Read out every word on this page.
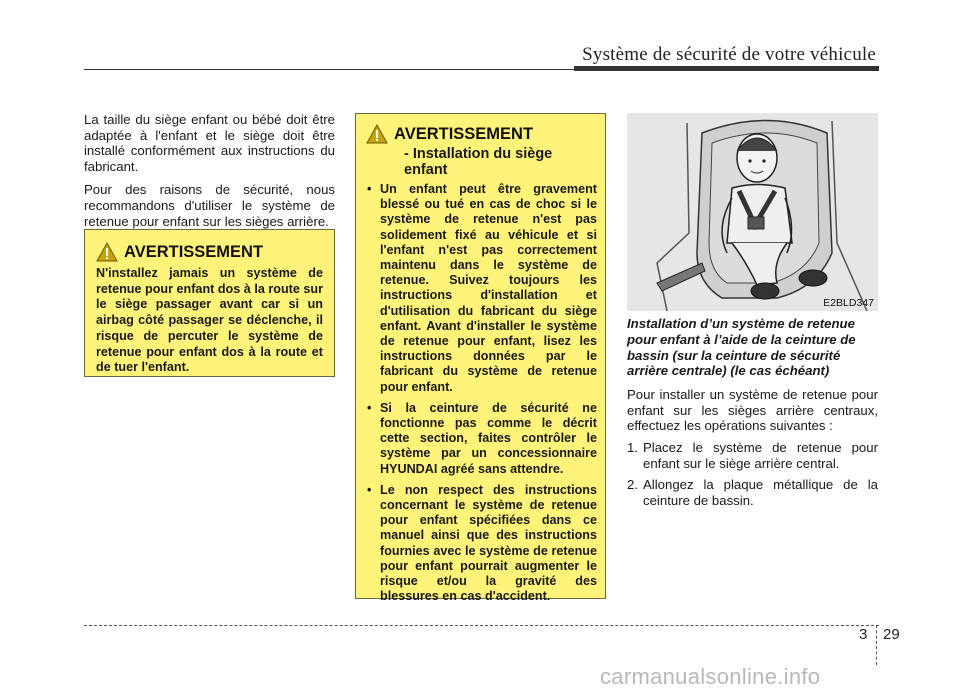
Système de sécurité de votre véhicule

La taille du siège enfant ou bébé doit être adaptée à l'enfant et le siège doit être installé conformément aux instructions du fabricant.

Pour des raisons de sécurité, nous recommandons d'utiliser le système de retenue pour enfant sur les sièges arrière.

AVERTISSEMENT
N'installez jamais un système de retenue pour enfant dos à la route sur le siège passager avant car si un airbag côté passager se déclenche, il risque de percuter le système de retenue pour enfant dos à la route et de tuer l'enfant.
AVERTISSEMENT
- Installation du siège enfant
• Un enfant peut être gravement blessé ou tué en cas de choc si le système de retenue n'est pas solidement fixé au véhicule et si l'enfant n'est pas correctement maintenu dans le système de retenue. Suivez toujours les instructions d'installation et d'utilisation du fabricant du siège enfant. Avant d'installer le système de retenue pour enfant, lisez les instructions données par le fabricant du système de retenue pour enfant.
• Si la ceinture de sécurité ne fonctionne pas comme le décrit cette section, faites contrôler le système par un concessionnaire HYUNDAI agréé sans attendre.
• Le non respect des instructions concernant le système de retenue pour enfant spécifiées dans ce manuel ainsi que des instructions fournies avec le système de retenue pour enfant pourrait augmenter le risque et/ou la gravité des blessures en cas d'accident.
E2BLD347

Installation d’un système de retenue pour enfant à l’aide de la ceinture de bassin (sur la ceinture de sécurité arrière centrale) (le cas échéant)

Pour installer un système de retenue pour enfant sur les sièges arrière centraux, effectuez les opérations suivantes :

1. Placez le système de retenue pour enfant sur le siège arrière central.
2. Allongez la plaque métallique de la ceinture de bassin.
3 29
carmanualsonline.info
